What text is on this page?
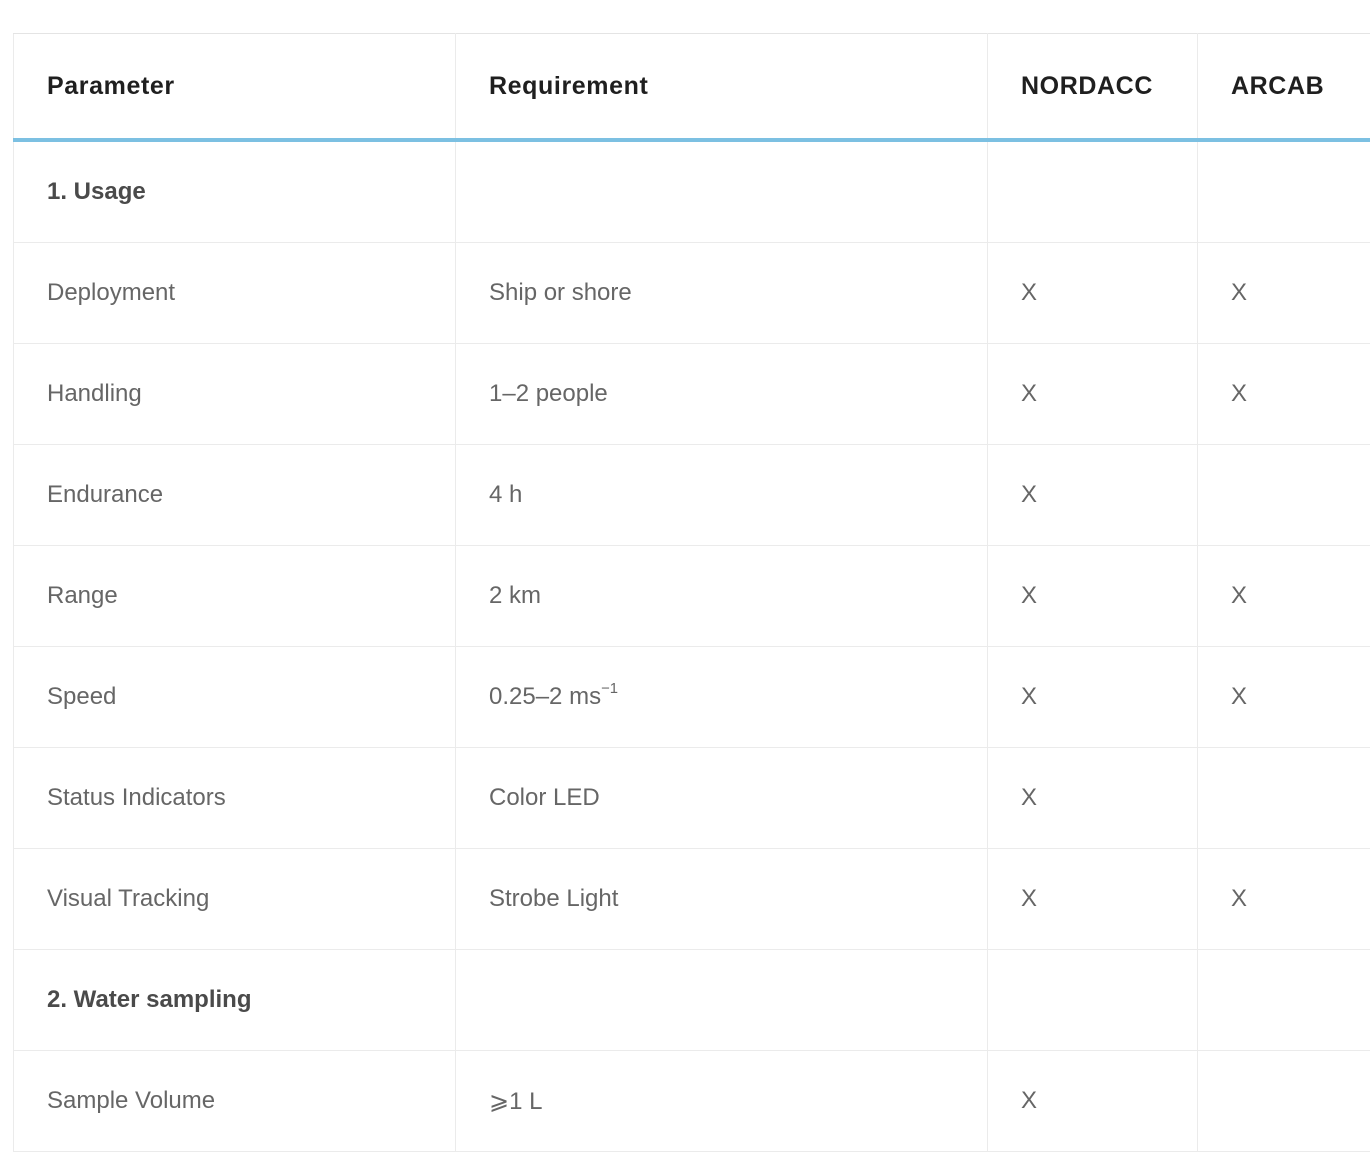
Parameter	Requirement	NORDACC	ARCAB
1. Usage			
Deployment	Ship or shore	X	X
Handling	1–2 people	X	X
Endurance	4 h	X	
Range	2 km	X	X
Speed	0.25–2 $ms^{-1}$	X	X
Status Indicators	Color LED	X	
Visual Tracking	Strobe Light	X	X
2. Water sampling			
Sample Volume	⩾1 L	X	
